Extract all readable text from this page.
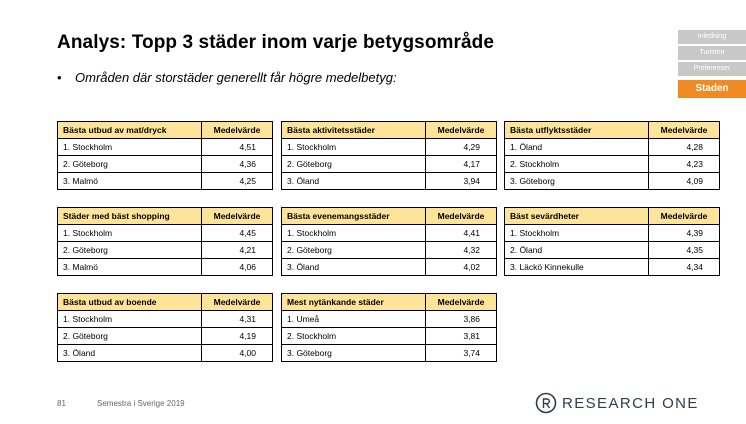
Analys: Topp 3 städer inom varje betygsområde
• Områden där storstäder generellt får högre medelbetyg:
Inledning
Turisten
Preferenser
Staden
Bästa utbud av mat/dryck	Medelvärde
1. Stockholm	4,51
2. Göteborg	4,36
3. Malmö	4,25
Bästa aktivitetsstäder	Medelvärde
1. Stockholm	4,29
2. Göteborg	4,17
3. Öland	3,94
Bästa utflyktsstäder	Medelvärde
1. Öland	4,28
2. Stockholm	4,23
3. Göteborg	4,09
Städer med bäst shopping	Medelvärde
1. Stockholm	4,45
2. Göteborg	4,21
3. Malmö	4,06
Bästa evenemangsstäder	Medelvärde
1. Stockholm	4,41
2. Göteborg	4,32
3. Öland	4,02
Bäst sevärdheter	Medelvärde
1. Stockholm	4,39
2. Öland	4,35
3. Läckö Kinnekulle	4,34
Bästa utbud av boende	Medelvärde
1. Stockholm	4,31
2. Göteborg	4,19
3. Öland	4,00
Mest nytänkande städer	Medelvärde
1. Umeå	3,86
2. Stockholm	3,81
3. Göteborg	3,74
81	Semestra i Sverige 2019	RESEARCH ONE
